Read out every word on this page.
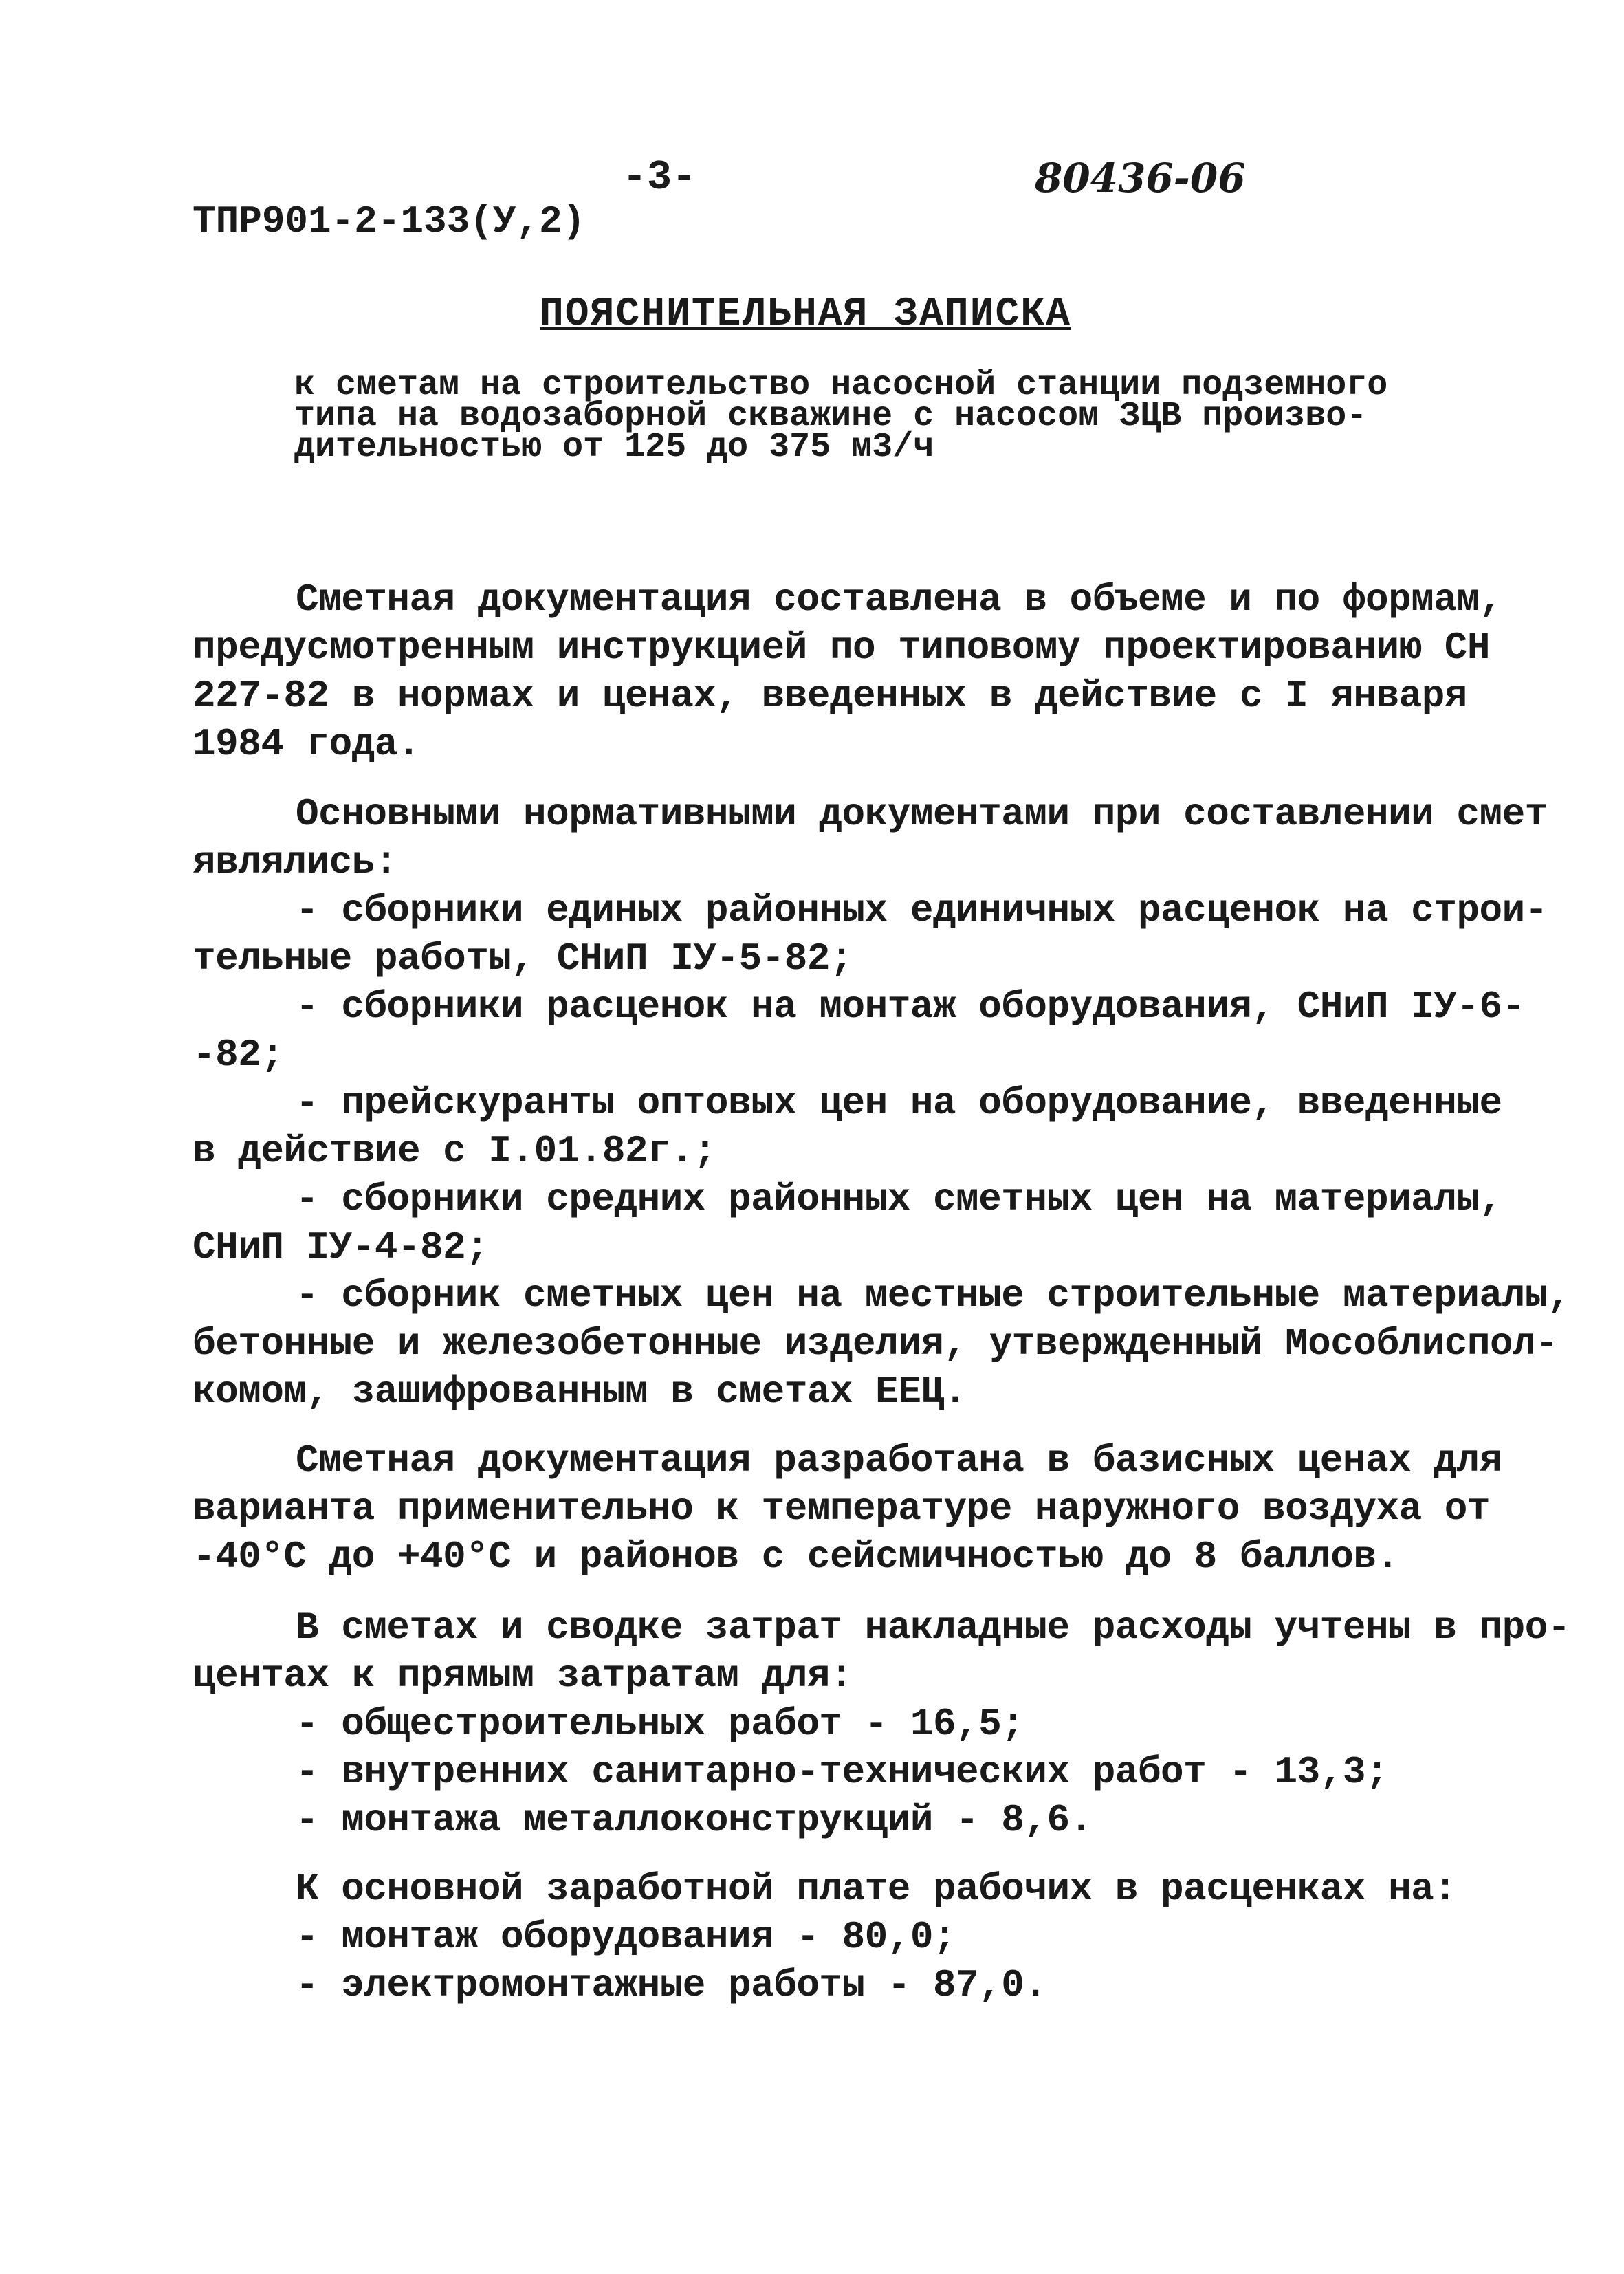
-3-	80436-06
ТПР901-2-133(У,2)
ПОЯСНИТЕЛЬНАЯ ЗАПИСКА
к сметам на строительство насосной станции подземного
типа на водозаборной скважине с насосом ЗЦВ произво-
дительностью от 125 до 375 м3/ч
Сметная документация составлена в объеме и по формам,
предусмотренным инструкцией по типовому проектированию СН
227-82 в нормах и ценах, введенных в действие с I января
1984 года.
Основными нормативными документами при составлении смет
являлись:
- сборники единых районных единичных расценок на строи-
тельные работы, СНиП IУ-5-82;
- сборники расценок на монтаж оборудования, СНиП IУ-6-
-82;
- прейскуранты оптовых цен на оборудование, введенные
в действие с I.01.82г.;
- сборники средних районных сметных цен на материалы,
СНиП IУ-4-82;
- сборник сметных цен на местные строительные материалы,
бетонные и железобетонные изделия, утвержденный Мособлиспол-
комом, зашифрованным в сметах ЕЕЦ.
Сметная документация разработана в базисных ценах для
варианта применительно к температуре наружного воздуха от
-40°С до +40°С и районов с сейсмичностью до 8 баллов.
В сметах и сводке затрат накладные расходы учтены в про-
центах к прямым затратам для:
- общестроительных работ - 16,5;
- внутренних санитарно-технических работ - 13,3;
- монтажа металлоконструкций - 8,6.
К основной заработной плате рабочих в расценках на:
- монтаж оборудования - 80,0;
- электромонтажные работы - 87,0.
